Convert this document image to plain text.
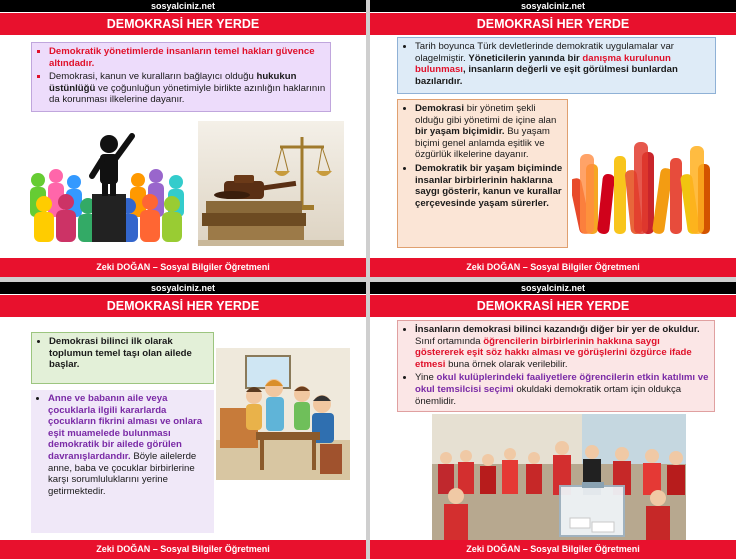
sosyalciniz.net
DEMOKRASİ HER YERDE
▪ Demokratik yönetimlerde insanların temel hakları güvence altındadır.
▪ Demokrasi, kanun ve kuralların bağlayıcı olduğu hukukun üstünlüğü ve çoğunluğun yönetimiyle birlikte azınlığın haklarının da korunması ilkelerine dayanır.
Zeki DOĞAN – Sosyal Bilgiler Öğretmeni
sosyalciniz.net
DEMOKRASİ HER YERDE
• Tarih boyunca Türk devletlerinde demokratik uygulamalar var olagelmiştir. Yöneticilerin yanında bir danışma kurulunun bulunması, insanların değerli ve eşit görülmesi bunlardan bazılarıdır.
• Demokrasi bir yönetim şekli olduğu gibi yönetimi de içine alan bir yaşam biçimidir. Bu yaşam biçimi genel anlamda eşitlik ve özgürlük ilkelerine dayanır.
• Demokratik bir yaşam biçiminde insanlar birbirlerinin haklarına saygı gösterir, kanun ve kurallar çerçevesinde yaşam sürerler.
Zeki DOĞAN – Sosyal Bilgiler Öğretmeni
sosyalciniz.net
DEMOKRASİ HER YERDE
• Demokrasi bilinci ilk olarak toplumun temel taşı olan ailede başlar.
• Anne ve babanın aile veya çocuklarla ilgili kararlarda çocukların fikrini alması ve onlara eşit muamelede bulunması demokratik bir ailede görülen davranışlardandır. Böyle ailelerde anne, baba ve çocuklar birbirlerine karşı sorumluluklarını yerine getirmektedir.
Zeki DOĞAN – Sosyal Bilgiler Öğretmeni
sosyalciniz.net
DEMOKRASİ HER YERDE
• İnsanların demokrasi bilinci kazandığı diğer bir yer de okuldur. Sınıf ortamında öğrencilerin birbirlerinin hakkına saygı göstererek eşit söz hakkı alması ve görüşlerini özgürce ifade etmesi buna örnek olarak verilebilir.
• Yine okul kulüplerindeki faaliyetlere öğrencilerin etkin katılımı ve okul temsilcisi seçimi okuldaki demokratik ortam için oldukça önemlidir.
Zeki DOĞAN – Sosyal Bilgiler Öğretmeni
